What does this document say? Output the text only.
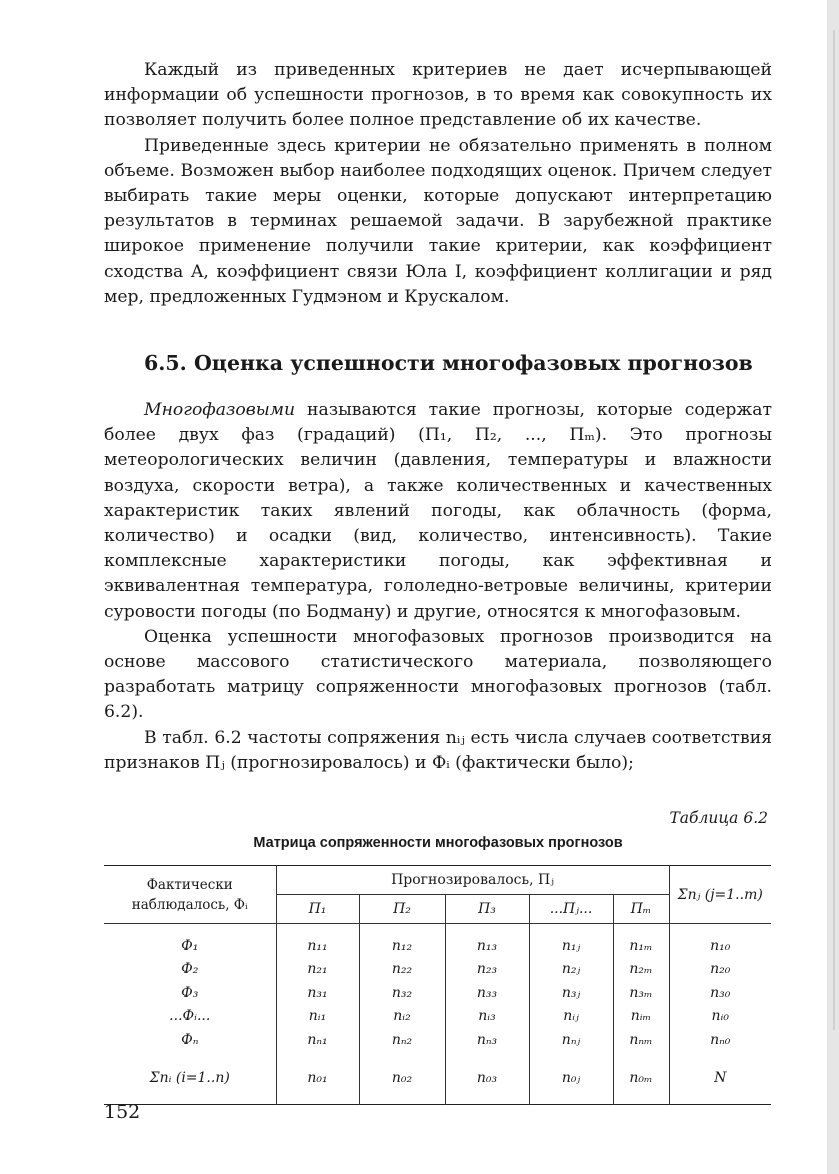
Каждый из приведенных критериев не дает исчерпывающей информации об успешности прогнозов, в то время как совокупность их позволяет получить более полное представление об их качестве.

Приведенные здесь критерии не обязательно применять в полном объеме. Возможен выбор наиболее подходящих оценок. Причем следует выбирать такие меры оценки, которые допускают интерпретацию результатов в терминах решаемой задачи. В зарубежной практике широкое применение получили такие критерии, как коэффициент сходства A, коэффициент связи Юла I, коэффициент коллигации и ряд мер, предложенных Гудмэном и Крускалом.

6.5. Оценка успешности многофазовых прогнозов

Многофазовыми называются такие прогнозы, которые содержат более двух фаз (градаций) (П₁, П₂, ..., Пₘ). Это прогнозы метеорологических величин (давления, температуры и влажности воздуха, скорости ветра), а также количественных и качественных характеристик таких явлений погоды, как облачность (форма, количество) и осадки (вид, количество, интенсивность). Такие комплексные характеристики погоды, как эффективная и эквивалентная температура, гололедно-ветровые величины, критерии суровости погоды (по Бодману) и другие, относятся к многофазовым.

Оценка успешности многофазовых прогнозов производится на основе массового статистического материала, позволяющего разработать матрицу сопряженности многофазовых прогнозов (табл. 6.2).

В табл. 6.2 частоты сопряжения nᵢⱼ есть числа случаев соответствия признаков Пⱼ (прогнозировалось) и Фᵢ (фактически было);

Таблица 6.2
Матрица сопряженности многофазовых прогнозов
Фактически наблюдалось, Фᵢ	Прогнозировалось, Пⱼ					Σnⱼ (j=1..m)
	П₁	П₂	П₃	...Пⱼ...	Пₘ	
Ф₁	n₁₁	n₁₂	n₁₃	n₁ⱼ	n₁ₘ	n₁₀
Ф₂	n₂₁	n₂₂	n₂₃	n₂ⱼ	n₂ₘ	n₂₀
Ф₃	n₃₁	n₃₂	n₃₃	n₃ⱼ	n₃ₘ	n₃₀
...Фᵢ...	nᵢ₁	nᵢ₂	nᵢ₃	nᵢⱼ	nᵢₘ	nᵢ₀
Фₙ	nₙ₁	nₙ₂	nₙ₃	nₙⱼ	nₙₘ	nₙ₀
Σnᵢ (i=1..n)	n₀₁	n₀₂	n₀₃	n₀ⱼ	n₀ₘ	N
152
